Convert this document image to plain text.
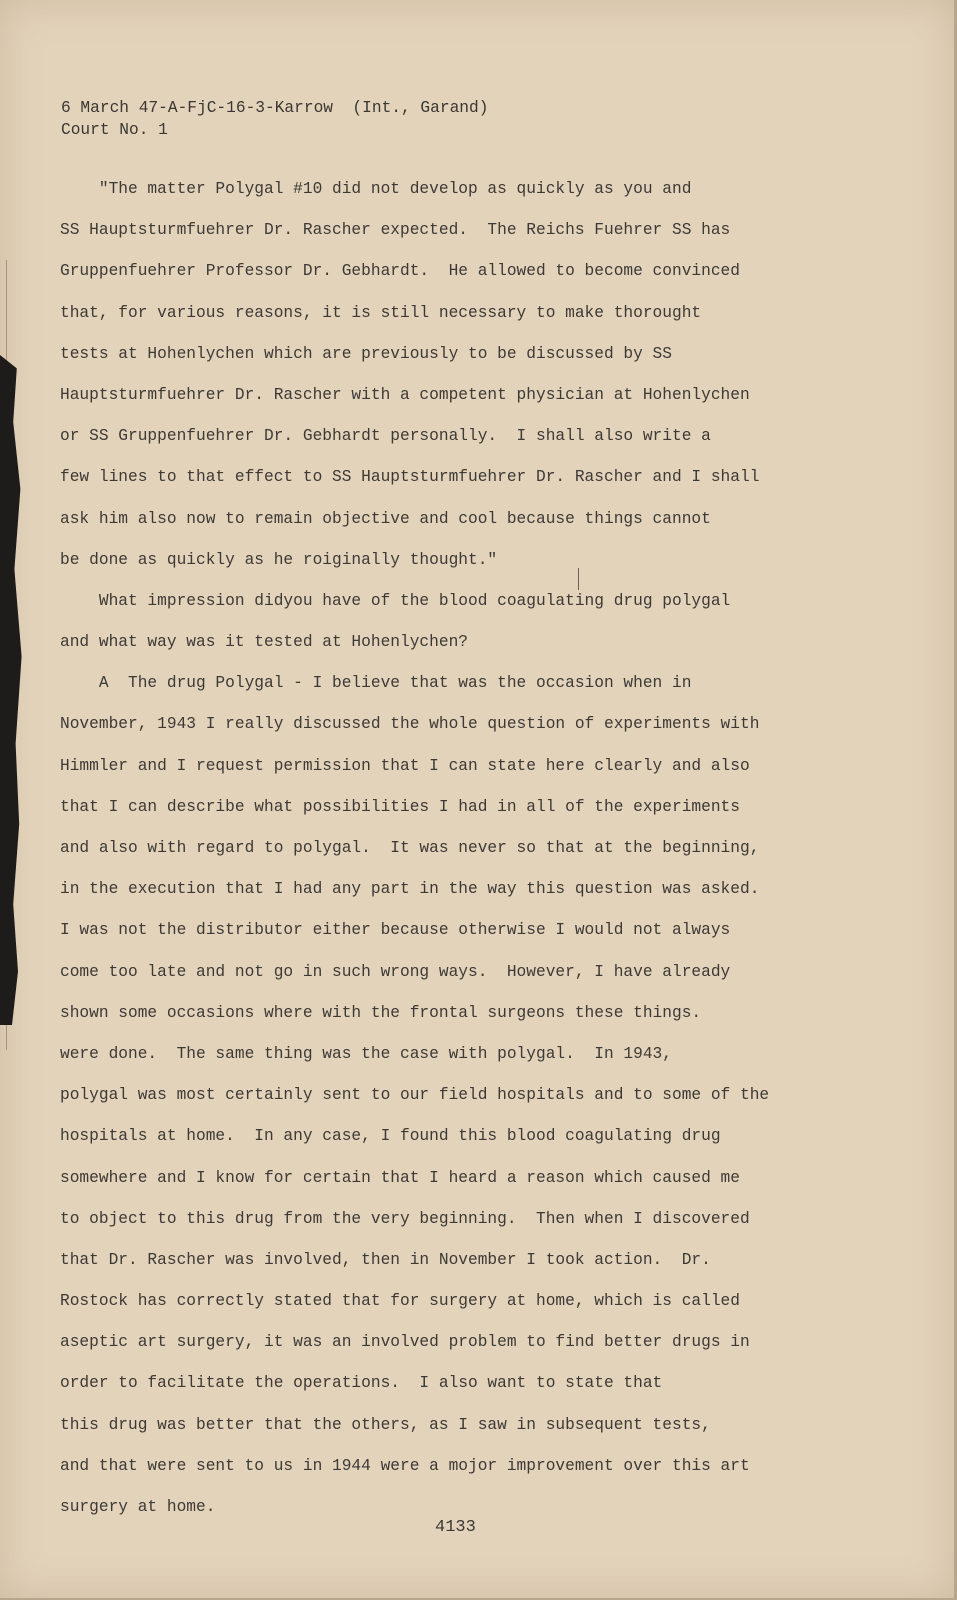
6 March 47-A-FjC-16-3-Karrow  (Int., Garand)
Court No. 1
"The matter Polygal #10 did not develop as quickly as you and
SS Hauptsturmfuehrer Dr. Rascher expected.  The Reichs Fuehrer SS has
Gruppenfuehrer Professor Dr. Gebhardt.  He allowed to become convinced
that, for various reasons, it is still necessary to make thorought
tests at Hohenlychen which are previously to be discussed by SS
Hauptsturmfuehrer Dr. Rascher with a competent physician at Hohenlychen
or SS Gruppenfuehrer Dr. Gebhardt personally.  I shall also write a
few lines to that effect to SS Hauptsturmfuehrer Dr. Rascher and I shall
ask him also now to remain objective and cool because things cannot
be done as quickly as he roiginally thought."
What impression didyou have of the blood coagulating drug polygal
and what way was it tested at Hohenlychen?
A  The drug Polygal - I believe that was the occasion when in
November, 1943 I really discussed the whole question of experiments with
Himmler and I request permission that I can state here clearly and also
that I can describe what possibilities I had in all of the experiments
and also with regard to polygal.  It was never so that at the beginning,
in the execution that I had any part in the way this question was asked.
I was not the distributor either because otherwise I would not always
come too late and not go in such wrong ways.  However, I have already
shown some occasions where with the frontal surgeons these things.
were done.  The same thing was the case with polygal.  In 1943,
polygal was most certainly sent to our field hospitals and to some of the
hospitals at home.  In any case, I found this blood coagulating drug
somewhere and I know for certain that I heard a reason which caused me
to object to this drug from the very beginning.  Then when I discovered
that Dr. Rascher was involved, then in November I took action.  Dr.
Rostock has correctly stated that for surgery at home, which is called
aseptic art surgery, it was an involved problem to find better drugs in
order to facilitate the operations.  I also want to state that
this drug was better that the others, as I saw in subsequent tests,
and that were sent to us in 1944 were a mojor improvement over this art
surgery at home.
4133
